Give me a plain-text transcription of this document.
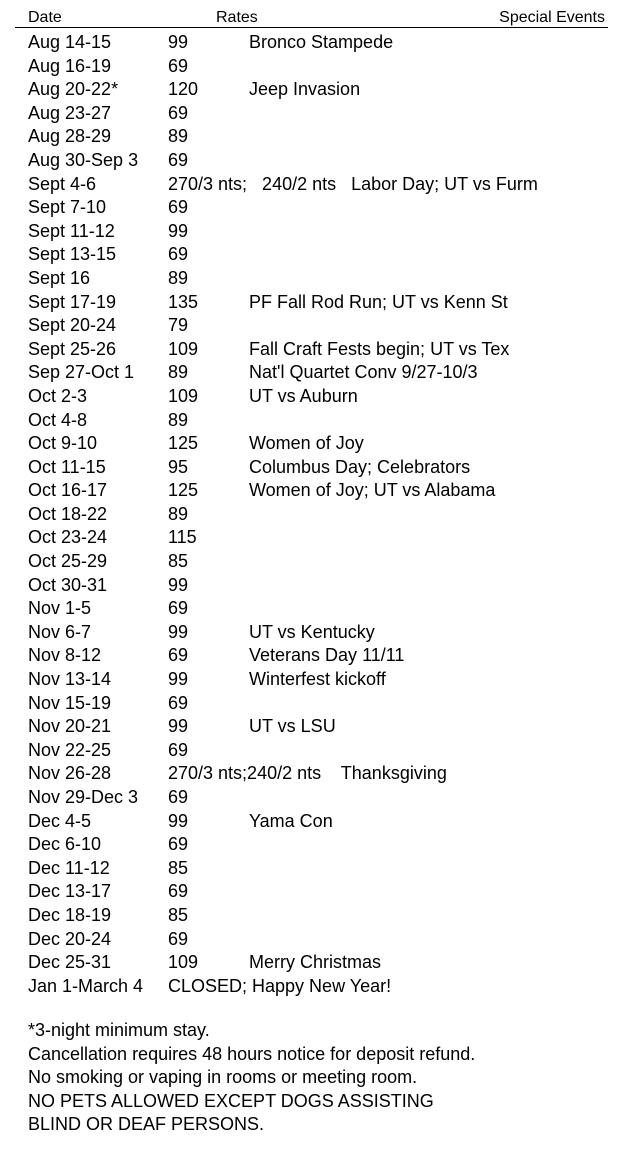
Date	Rates	Special Events
Aug 14-15	99	Bronco Stampede
Aug 16-19	69
Aug 20-22*	120	Jeep Invasion
Aug 23-27	69
Aug 28-29	89
Aug 30-Sep 3 69
Sept 4-6	270/3 nts;   240/2 nts   Labor Day; UT vs Furm
Sept 7-10	69
Sept 11-12	99
Sept 13-15	69
Sept 16	89
Sept 17-19	135	PF Fall Rod Run; UT vs Kenn St
Sept 20-24	79
Sept 25-26	109	Fall Craft Fests begin; UT vs Tex
Sep 27-Oct 1 89	Nat'l Quartet Conv 9/27-10/3
Oct 2-3	109	UT vs Auburn
Oct 4-8	89
Oct 9-10	125	Women of Joy
Oct 11-15	95	Columbus Day; Celebrators
Oct 16-17	125	Women of Joy; UT vs Alabama
Oct 18-22	89
Oct 23-24	115
Oct 25-29	85
Oct 30-31	99
Nov 1-5	69
Nov 6-7	99	UT vs Kentucky
Nov 8-12	69	Veterans Day 11/11
Nov 13-14	99	Winterfest kickoff
Nov 15-19	69
Nov 20-21	99	UT vs LSU
Nov 22-25	69
Nov 26-28	270/3 nts;240/2 nts    Thanksgiving
Nov 29-Dec 3 69
Dec 4-5	99	Yama Con
Dec 6-10	69
Dec 11-12	85
Dec 13-17	69
Dec 18-19	85
Dec 20-24	69
Dec 25-31	109	Merry Christmas
Jan 1-March 4 CLOSED; Happy New Year!
*3-night minimum stay.
Cancellation requires 48 hours notice for deposit refund.
No smoking or vaping in rooms or meeting room.
NO PETS ALLOWED EXCEPT DOGS ASSISTING
BLIND OR DEAF PERSONS.
